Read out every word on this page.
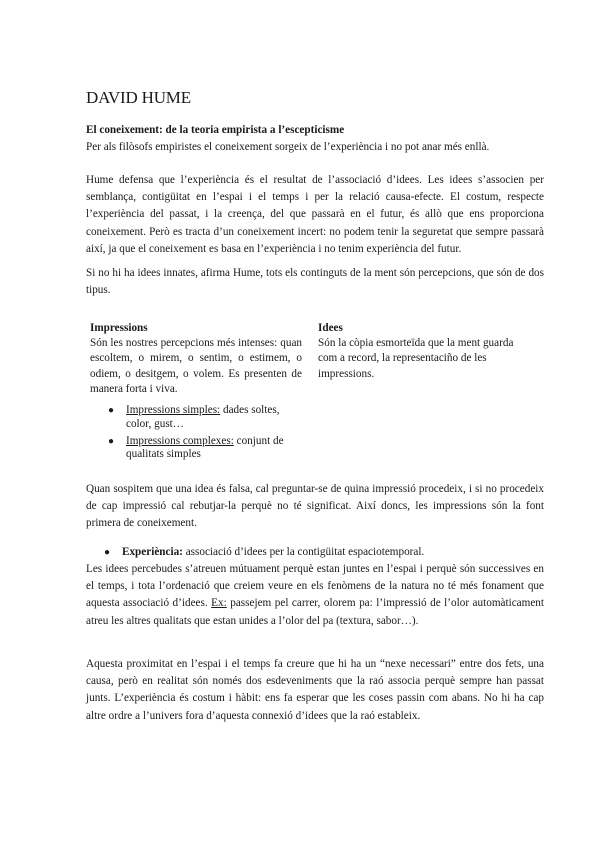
DAVID HUME
El coneixement: de la teoria empirista a l’escepticisme
Per als filòsofs empiristes el coneixement sorgeix de l’experiència i no pot anar més enllà.
Hume defensa que l’experiència és el resultat de l’associació d’idees. Les idees s’associen per semblança, contigüitat en l’espai i el temps i per la relació causa-efecte. El costum, respecte l’experiència del passat, i la creença, del que passarà en el futur, és allò que ens proporciona coneixement. Però es tracta d’un coneixement incert: no podem tenir la seguretat que sempre passarà així, ja que el coneixement es basa en l’experiència i no tenim experiència del futur.
Si no hi ha idees innates, afirma Hume, tots els continguts de la ment són percepcions, que són de dos tipus.
Impressions
Són les nostres percepcions més intenses: quan escoltem, o mirem, o sentim, o estimem, o odiem, o desitgem, o volem. Es presenten de manera forta i viva.
● Impressions simples: dades soltes, color, gust…
● Impressions complexes: conjunt de qualitats simples
Idees
Són la còpia esmorteïda que la ment guarda com a record, la representaciño de les impressions.
Quan sospitem que una idea és falsa, cal preguntar-se de quina impressió procedeix, i si no procedeix de cap impressió cal rebutjar-la perquè no té significat. Així doncs, les impressions són la font primera de coneixement.
● Experiència: associació d’idees per la contigüitat espaciotemporal.
Les idees percebudes s’atreuen mútuament perquè estan juntes en l’espai i perquè són successives en el temps, i tota l’ordenació que creiem veure en els fenòmens de la natura no té més fonament que aquesta associació d’idees. Ex: passejem pel carrer, olorem pa: l’impressió de l’olor automàticament atreu les altres qualitats que estan unides a l’olor del pa (textura, sabor…).
Aquesta proximitat en l’espai i el temps fa creure que hi ha un “nexe necessari” entre dos fets, una causa, però en realitat són només dos esdeveniments que la raó associa perquè sempre han passat junts. L’experiència és costum i hàbit: ens fa esperar que les coses passin com abans. No hi ha cap altre ordre a l’univers fora d’aquesta connexió d’idees que la raó estableix.
